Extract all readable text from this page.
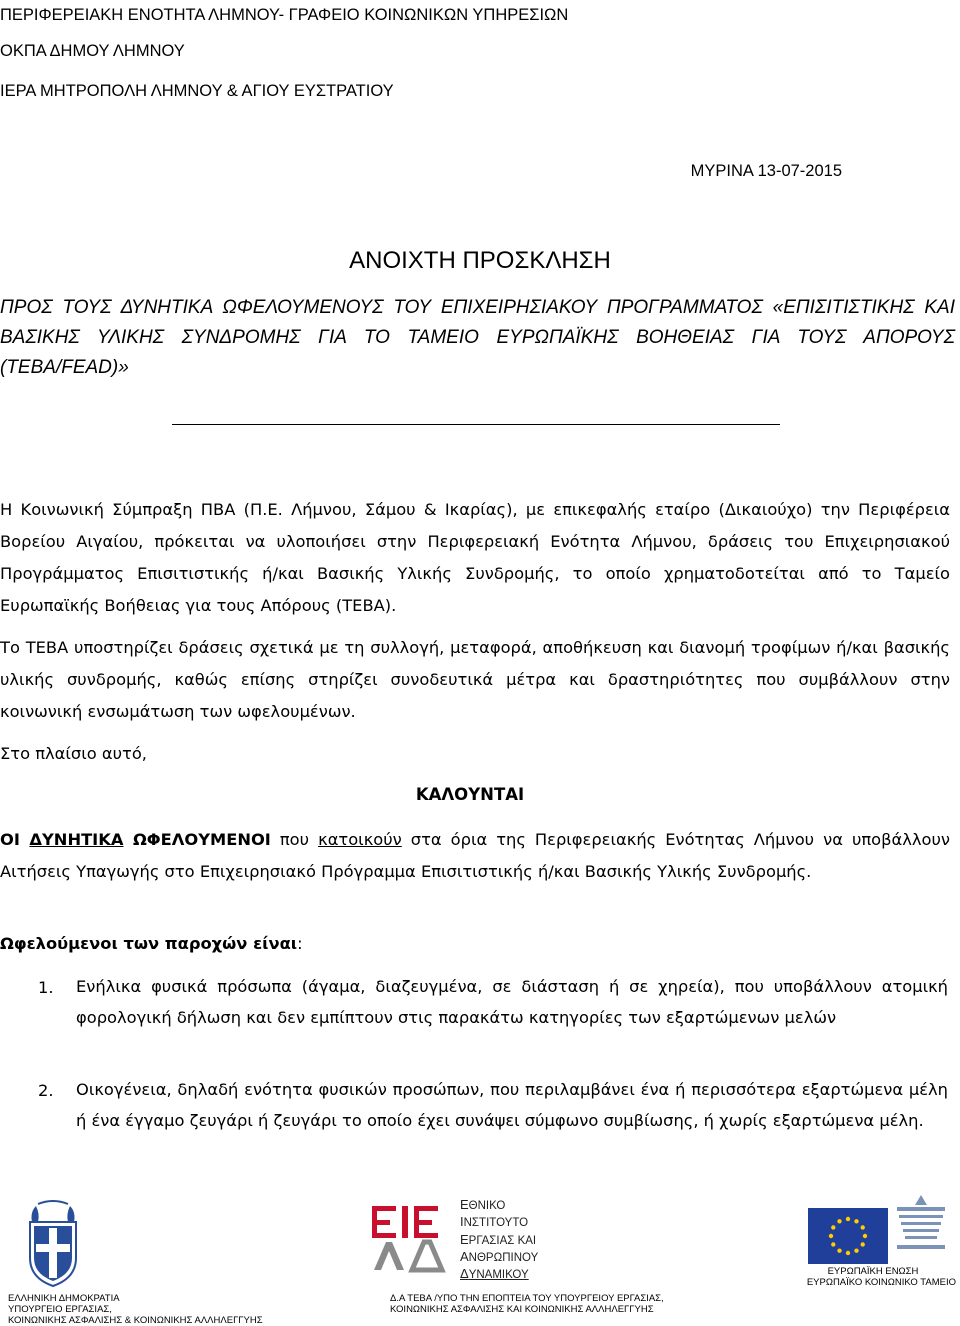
ΠΕΡΙΦΕΡΕΙΑΚΗ ΕΝΟΤΗΤΑ ΛΗΜΝΟΥ- ΓΡΑΦΕΙΟ ΚΟΙΝΩΝΙΚΩΝ ΥΠΗΡΕΣΙΩΝ
ΟΚΠΑ ΔΗΜΟΥ ΛΗΜΝΟΥ
ΙΕΡΑ ΜΗΤΡΟΠΟΛΗ ΛΗΜΝΟΥ & ΑΓΙΟΥ ΕΥΣΤΡΑΤΙΟΥ
ΜΥΡΙΝΑ 13-07-2015
ΑΝΟΙΧΤΗ ΠΡΟΣΚΛΗΣΗ
ΠΡΟΣ ΤΟΥΣ ΔΥΝΗΤΙΚΑ ΩΦΕΛΟΥΜΕΝΟΥΣ ΤΟΥ ΕΠΙΧΕΙΡΗΣΙΑΚΟΥ ΠΡΟΓΡΑΜΜΑΤΟΣ «ΕΠΙΣΙΤΙΣΤΙΚΗΣ ΚΑΙ ΒΑΣΙΚΗΣ ΥΛΙΚΗΣ ΣΥΝΔΡΟΜΗΣ ΓΙΑ ΤΟ ΤΑΜΕΙΟ ΕΥΡΩΠΑΪΚΗΣ ΒΟΗΘΕΙΑΣ ΓΙΑ ΤΟΥΣ ΑΠΟΡΟΥΣ (ΤΕΒΑ/FEAD)»
Η Κοινωνική Σύμπραξη ΠΒΑ (Π.Ε. Λήμνου, Σάμου & Ικαρίας), με επικεφαλής εταίρο (Δικαιούχο) την Περιφέρεια Βορείου Αιγαίου, πρόκειται να υλοποιήσει στην Περιφερειακή Ενότητα Λήμνου, δράσεις του Επιχειρησιακού Προγράμματος Επισιτιστικής ή/και Βασικής Υλικής Συνδρομής, το οποίο χρηματοδοτείται από το Ταμείο Ευρωπαϊκής Βοήθειας για τους Απόρους (ΤΕΒΑ).
Το ΤΕΒΑ υποστηρίζει δράσεις σχετικά με τη συλλογή, μεταφορά, αποθήκευση και διανομή τροφίμων ή/και βασικής υλικής συνδρομής, καθώς επίσης στηρίζει συνοδευτικά μέτρα και δραστηριότητες που συμβάλλουν στην κοινωνική ενσωμάτωση των ωφελουμένων.
Στο πλαίσιο αυτό,
ΚΑΛΟΥΝΤΑΙ
ΟΙ ΔΥΝΗΤΙΚΑ ΩΦΕΛΟΥΜΕΝΟΙ που κατοικούν στα όρια της Περιφερειακής Ενότητας Λήμνου να υποβάλλουν Αιτήσεις Υπαγωγής στο Επιχειρησιακό Πρόγραμμα Επισιτιστικής ή/και Βασικής Υλικής Συνδρομής.
Ωφελούμενοι των παροχών είναι:
1. Ενήλικα φυσικά πρόσωπα (άγαμα, διαζευγμένα, σε διάσταση ή σε χηρεία), που υποβάλλουν ατομική φορολογική δήλωση και δεν εμπίπτουν στις παρακάτω κατηγορίες των εξαρτώμενων μελών
2. Οικογένεια, δηλαδή ενότητα φυσικών προσώπων, που περιλαμβάνει ένα ή περισσότερα εξαρτώμενα μέλη ή ένα έγγαμο ζευγάρι ή ζευγάρι το οποίο έχει συνάψει σύμφωνο συμβίωσης, ή χωρίς εξαρτώμενα μέλη.
ΕΛΛΗΝΙΚΗ ΔΗΜΟΚΡΑΤΙΑ
ΥΠΟΥΡΓΕΙΟ ΕΡΓΑΣΙΑΣ,
ΚΟΙΝΩΝΙΚΗΣ ΑΣΦΑΛΙΣΗΣ & ΚΟΙΝΩΝΙΚΗΣ ΑΛΛΗΛΕΓΓΥΗΣ
ΕΘΝΙΚΟ
ΙΝΣΤΙΤΟΥΤΟ
ΕΡΓΑΣΙΑΣ ΚΑΙ
ΑΝΘΡΩΠΙΝΟΥ
ΔΥΝΑΜΙΚΟΥ
Δ.Α ΤΕΒΑ /ΥΠΟ ΤΗΝ ΕΠΟΠΤΕΙΑ ΤΟΥ ΥΠΟΥΡΓΕΙΟΥ ΕΡΓΑΣΙΑΣ,
ΚΟΙΝΩΝΙΚΗΣ ΑΣΦΑΛΙΣΗΣ ΚΑΙ ΚΟΙΝΩΝΙΚΗΣ ΑΛΛΗΛΕΓΓΥΗΣ
ΕΥΡΩΠΑΪΚΗ ΕΝΩΣΗ
ΕΥΡΩΠΑΪΚΟ ΚΟΙΝΩΝΙΚΟ ΤΑΜΕΙΟ
